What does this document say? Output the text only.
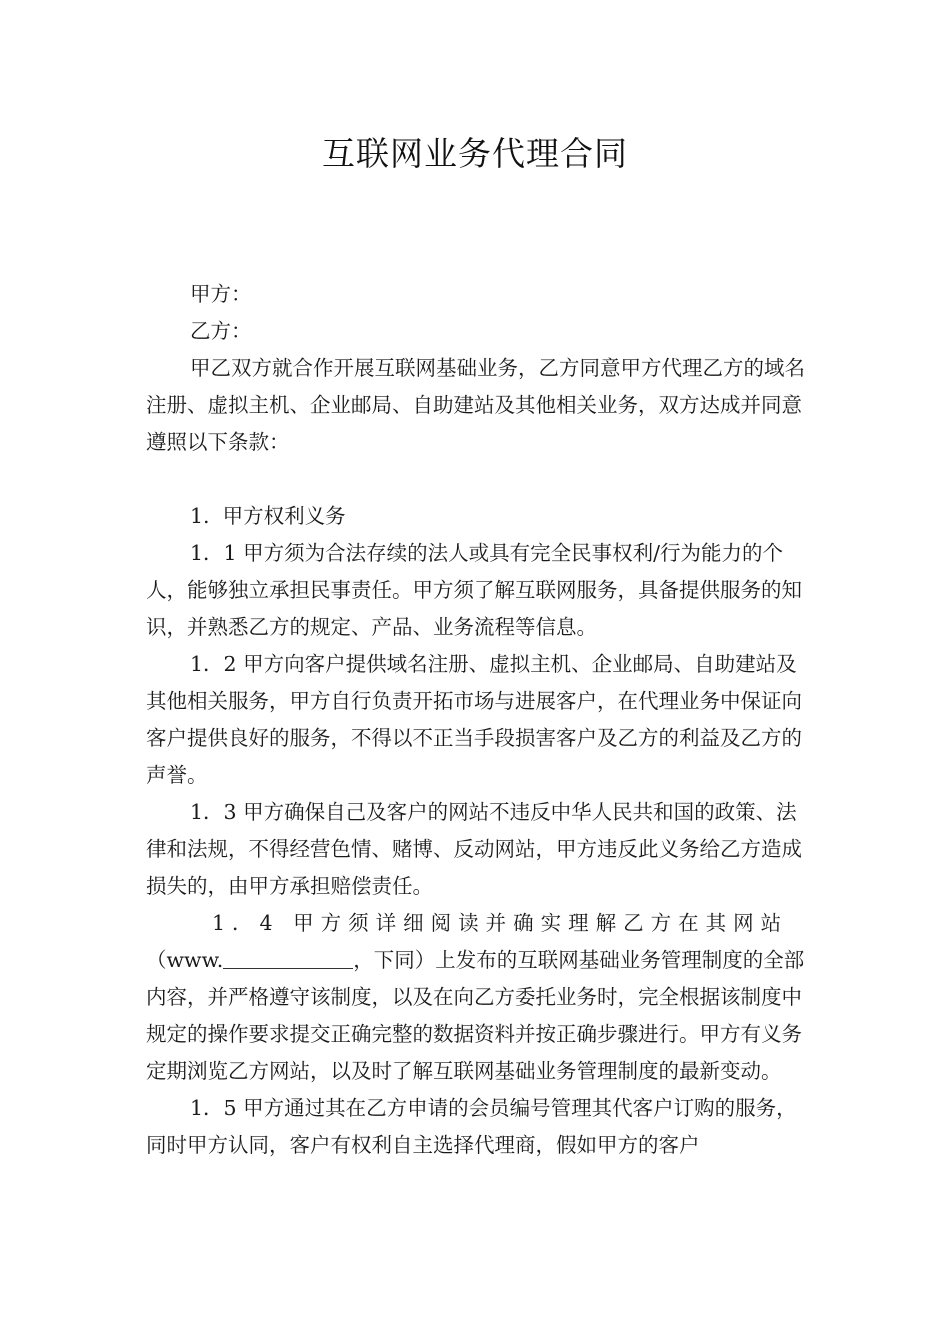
互联网业务代理合同

甲方：

乙方：

甲乙双方就合作开展互联网基础业务，乙方同意甲方代理乙方的域名注册、虚拟主机、企业邮局、自助建站及其他相关业务，双方达成并同意遵照以下条款：

1.  甲方权利义务

1．1 甲方须为合法存续的法人或具有完全民事权利/行为能力的个人，能够独立承担民事责任。甲方须了解互联网服务，具备提供服务的知识，并熟悉乙方的规定、产品、业务流程等信息。

1．2 甲方向客户提供域名注册、虚拟主机、企业邮局、自助建站及其他相关服务，甲方自行负责开拓市场与进展客户，在代理业务中保证向客户提供良好的服务，不得以不正当手段损害客户及乙方的利益及乙方的声誉。

1．3 甲方确保自己及客户的网站不违反中华人民共和国的政策、法律和法规，不得经营色情、赌博、反动网站，甲方违反此义务给乙方造成损失的，由甲方承担赔偿责任。

1．4 甲方须详细阅读并确实理解乙方在其网站

（www.	，下同）上发布的互联网基础业务管理制度的全部内容，并严格遵守该制度，以及在向乙方委托业务时，完全根据该制度中规定的操作要求提交正确完整的数据资料并按正确步骤进行。甲方有义务定期浏览乙方网站，以及时了解互联网基础业务管理制度的最新变动。

1．5 甲方通过其在乙方申请的会员编号管理其代客户订购的服务，同时甲方认同，客户有权利自主选择代理商，假如甲方的客户
